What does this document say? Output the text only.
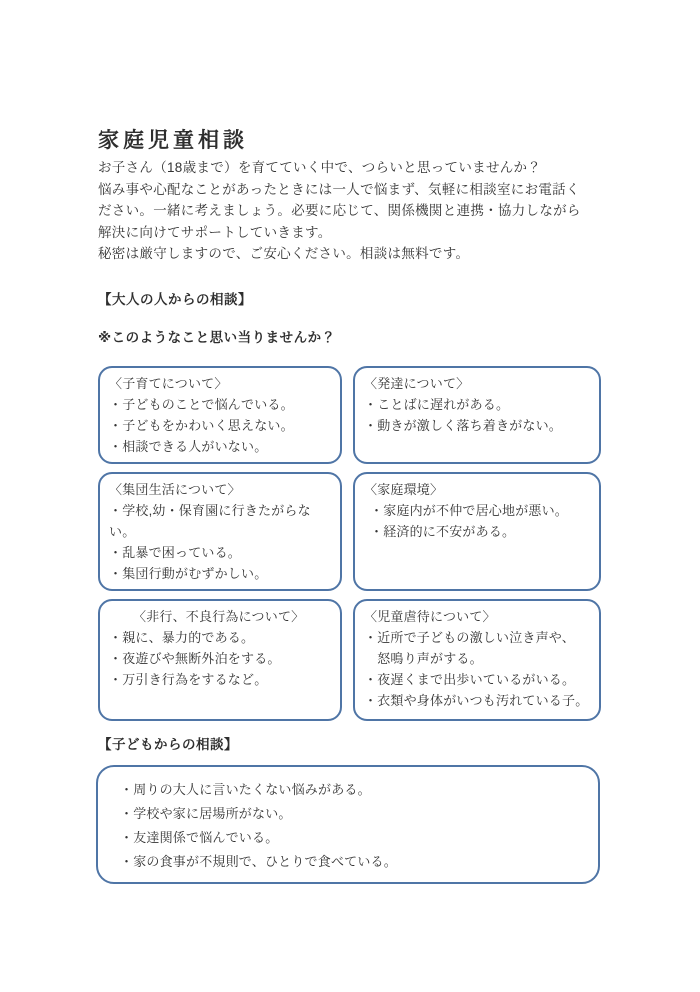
家庭児童相談
お子さん（18歳まで）を育てていく中で、つらいと思っていませんか？
悩み事や心配なことがあったときには一人で悩まず、気軽に相談室にお電話く
ださい。一緒に考えましょう。必要に応じて、関係機関と連携・協力しながら
解決に向けてサポートしていきます。
秘密は厳守しますので、ご安心ください。相談は無料です。
【大人の人からの相談】
※このようなこと思い当りませんか？
〈子育てについて〉
・子どものことで悩んでいる。
・子どもをかわいく思えない。
・相談できる人がいない。
〈発達について〉
・ことばに遅れがある。
・動きが激しく落ち着きがない。
〈集団生活について〉
・学校,幼・保育園に行きたがらない。
・乱暴で困っている。
・集団行動がむずかしい。
〈家庭環境〉
・家庭内が不仲で居心地が悪い。
・経済的に不安がある。
〈非行、不良行為について〉
・親に、暴力的である。
・夜遊びや無断外泊をする。
・万引き行為をするなど。
〈児童虐待について〉
・近所で子どもの激しい泣き声や、
　怒鳴り声がする。
・夜遅くまで出歩いているがいる。
・衣類や身体がいつも汚れている子。
【子どもからの相談】
・周りの大人に言いたくない悩みがある。
・学校や家に居場所がない。
・友達関係で悩んでいる。
・家の食事が不規則で、ひとりで食べている。
